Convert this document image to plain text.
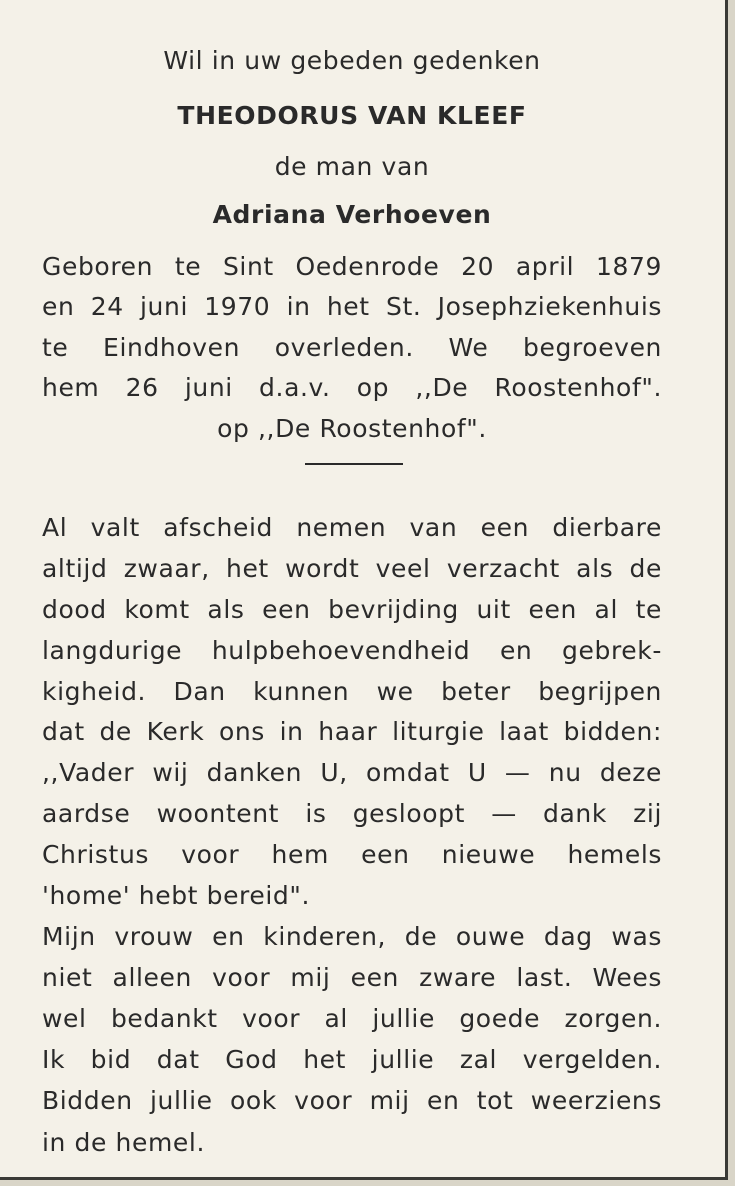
Wil in uw gebeden gedenken
THEODORUS VAN KLEEF
de man van
Adriana Verhoeven
Geboren te Sint Oedenrode 20 april 1879
en 24 juni 1970 in het St. Josephziekenhuis
te Eindhoven overleden. We begroeven
hem 26 juni d.a.v. op ,,De Roostenhof".
op ,,De Roostenhof".
Al valt afscheid nemen van een dierbare
altijd zwaar, het wordt veel verzacht als de
dood komt als een bevrijding uit een al te
langdurige hulpbehoevendheid en gebrek-
kigheid. Dan kunnen we beter begrijpen
dat de Kerk ons in haar liturgie laat bidden:
,,Vader wij danken U, omdat U — nu deze
aardse woontent is gesloopt — dank zij
Christus voor hem een nieuwe hemels
'home' hebt bereid".
Mijn vrouw en kinderen, de ouwe dag was
niet alleen voor mij een zware last. Wees
wel bedankt voor al jullie goede zorgen.
Ik bid dat God het jullie zal vergelden.
Bidden jullie ook voor mij en tot weerziens
in de hemel.
